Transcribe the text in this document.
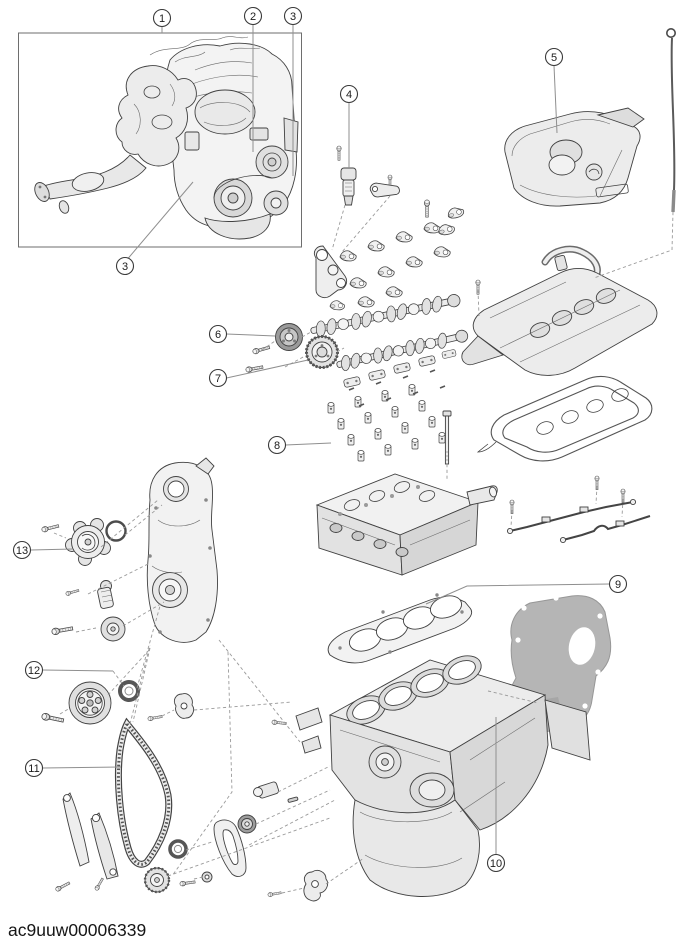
1	2	3
3
4
5
6
7
8
9
10
11
12
13
ac9uuw00006339
